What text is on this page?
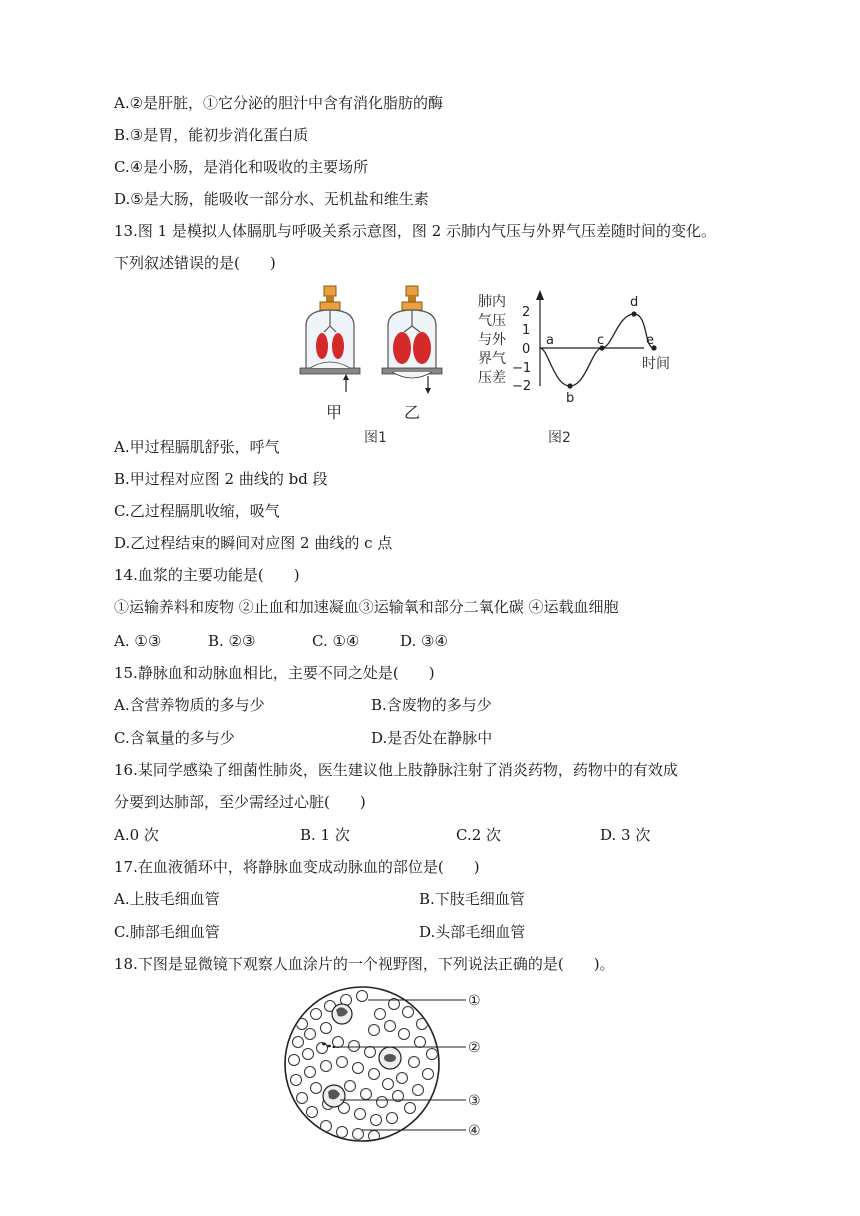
A.②是肝脏，①它分泌的胆汁中含有消化脂肪的酶
B.③是胃，能初步消化蛋白质
C.④是小肠，是消化和吸收的主要场所
D.⑤是大肠，能吸收一部分水、无机盐和维生素
13.图 1 是模拟人体膈肌与呼吸关系示意图，图 2 示肺内气压与外界气压差随时间的变化。
下列叙述错误的是(　　)
甲	乙
图1
肺内
气压
与外
界气
压差
2
1
0
−1
−2
a
b
c
d
e
时间
图2
A.甲过程膈肌舒张，呼气
B.甲过程对应图 2 曲线的 bd 段
C.乙过程膈肌收缩，吸气
D.乙过程结束的瞬间对应图 2 曲线的 c 点
14.血浆的主要功能是(　　)
①运输养料和废物 ②止血和加速凝血③运输氧和部分二氧化碳 ④运载血细胞
A. ①③	B. ②③	C. ①④	D. ③④
15.静脉血和动脉血相比，主要不同之处是(　　)
A.含营养物质的多与少	B.含废物的多与少
C.含氧量的多与少	D.是否处在静脉中
16.某同学感染了细菌性肺炎，医生建议他上肢静脉注射了消炎药物，药物中的有效成
分要到达肺部，至少需经过心脏(　　)
A.0 次	B. 1 次	C.2 次	D. 3 次
17.在血液循环中，将静脉血变成动脉血的部位是(　　)
A.上肢毛细血管	B.下肢毛细血管
C.肺部毛细血管	D.头部毛细血管
18.下图是显微镜下观察人血涂片的一个视野图，下列说法正确的是(　　)。
①
②
③
④
